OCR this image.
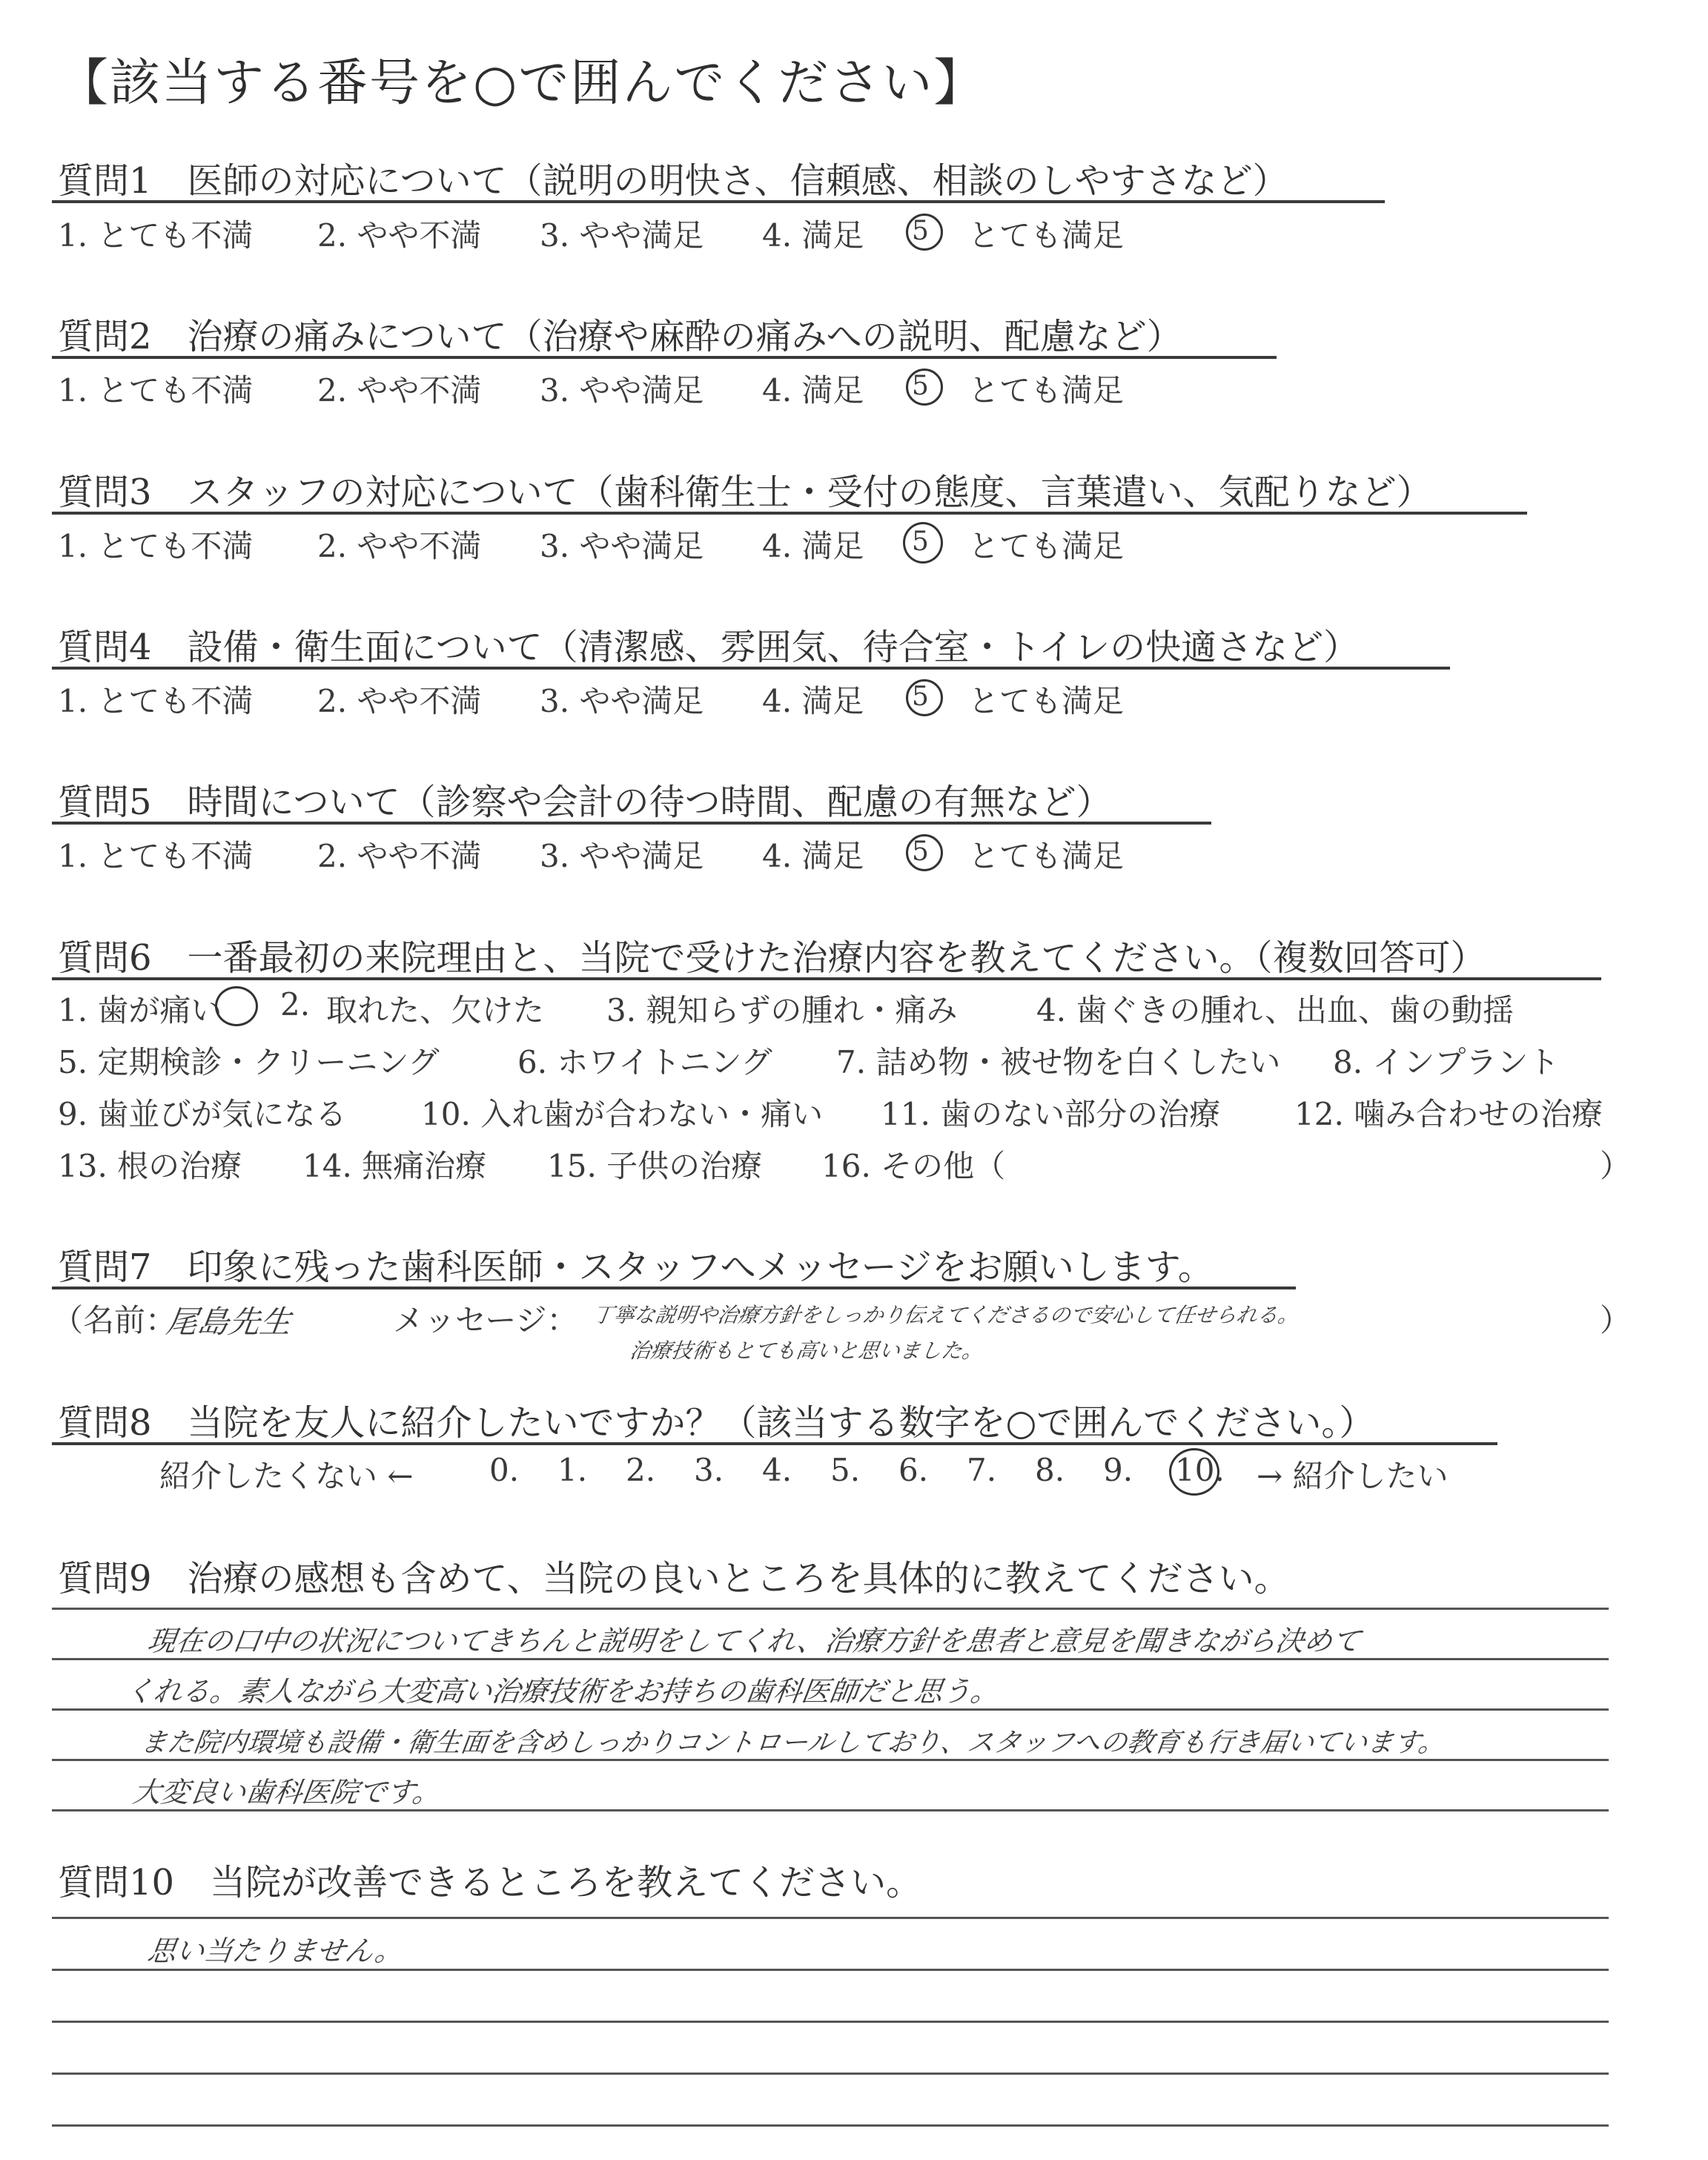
【該当する番号を○で囲んでください】
質問1　医師の対応について（説明の明快さ、信頼感、相談のしやすさなど）
1. とても不満 2. やや不満 3. やや満足 4. 満足 5 とても満足
質問2　治療の痛みについて（治療や麻酔の痛みへの説明、配慮など）
1. とても不満 2. やや不満 3. やや満足 4. 満足 5 とても満足
質問3　スタッフの対応について（歯科衛生士・受付の態度、言葉遣い、気配りなど）
1. とても不満 2. やや不満 3. やや満足 4. 満足 5 とても満足
質問4　設備・衛生面について（清潔感、雰囲気、待合室・トイレの快適さなど）
1. とても不満 2. やや不満 3. やや満足 4. 満足 5 とても満足
質問5　時間について（診察や会計の待つ時間、配慮の有無など）
1. とても不満 2. やや不満 3. やや満足 4. 満足 5 とても満足
質問6　一番最初の来院理由と、当院で受けた治療内容を教えてください。（複数回答可）
1. 歯が痛い 2. 取れた、欠けた 3. 親知らずの腫れ・痛み	4. 歯ぐきの腫れ、出血、歯の動揺
5. 定期検診・クリーニング	6. ホワイトニング 7. 詰め物・被せ物を白くしたい 8. インプラント
9. 歯並びが気になる 10. 入れ歯が合わない・痛い 11. 歯のない部分の治療 12. 噛み合わせの治療
13. 根の治療 14. 無痛治療 15. 子供の治療 16. その他（	）
質問7　印象に残った歯科医師・スタッフへメッセージをお願いします。
（名前：
尾島先生	メッセージ： 丁寧な説明や治療方針をしっかり伝えてくださるので安心して任せられる。
治療技術もとても高いと思いました。
）
質問8　当院を友人に紹介したいですか？（該当する数字を○で囲んでください。）
紹介したくない ← 0. 1. 2. 3. 4. 5. 6. 7. 8. 9. 10. → 紹介したい
質問9　治療の感想も含めて、当院の良いところを具体的に教えてください。
現在の口中の状況についてきちんと説明をしてくれ、治療方針を患者と意見を聞きながら決めて
くれる。素人ながら大変高い治療技術をお持ちの歯科医師だと思う。
また院内環境も設備・衛生面を含めしっかりコントロールしており、スタッフへの教育も行き届いています。
大変良い歯科医院です。
質問10　当院が改善できるところを教えてください。
思い当たりません。
